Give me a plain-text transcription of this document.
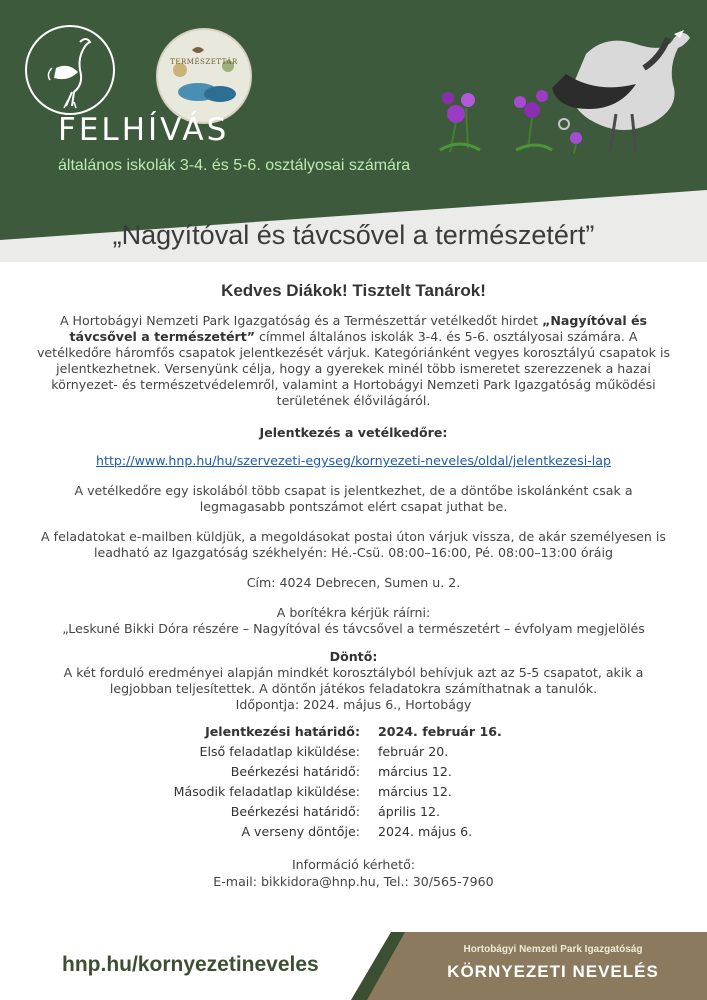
TERMÉSZETTÁR
FELHÍVÁS
általános iskolák 3-4. és 5-6. osztályosai számára
„Nagyítóval és távcsővel a természetért”
Kedves Diákok! Tisztelt Tanárok!
A Hortobágyi Nemzeti Park Igazgatóság és a Természettár vetélkedőt hirdet „Nagyítóval és távcsővel a természetért” címmel általános iskolák 3-4. és 5-6. osztályosai számára. A vetélkedőre háromfős csapatok jelentkezését várjuk. Kategóriánként vegyes korosztályú csapatok is jelentkezhetnek. Versenyünk célja, hogy a gyerekek minél több ismeretet szerezzenek a hazai környezet- és természetvédelemről, valamint a Hortobágyi Nemzeti Park Igazgatóság működési területének élővilágáról.
Jelentkezés a vetélkedőre:
http://www.hnp.hu/hu/szervezeti-egyseg/kornyezeti-neveles/oldal/jelentkezesi-lap
A vetélkedőre egy iskolából több csapat is jelentkezhet, de a döntőbe iskolánként csak a legmagasabb pontszámot elért csapat juthat be.
A feladatokat e-mailben küldjük, a megoldásokat postai úton várjuk vissza, de akár személyesen is leadható az Igazgatóság székhelyén: Hé.-Csü. 08:00–16:00, Pé. 08:00–13:00 óráig
Cím: 4024 Debrecen, Sumen u. 2.
A borítékra kérjük ráírni:
„Leskuné Bikki Dóra részére – Nagyítóval és távcsővel a természetért – évfolyam megjelölés
Döntő:
A két forduló eredményei alapján mindkét korosztályból behívjuk azt az 5-5 csapatot, akik a legjobban teljesítettek. A döntőn játékos feladatokra számíthatnak a tanulók.
Időpontja: 2024. május 6., Hortobágy
Jelentkezési határidő: 2024. február 16.
Első feladatlap kiküldése: február 20.
Beérkezési határidő: március 12.
Második feladatlap kiküldése: március 12.
Beérkezési határidő: április 12.
A verseny döntője: 2024. május 6.
Információ kérhető:
E-mail: bikkidora@hnp.hu, Tel.: 30/565-7960
hnp.hu/kornyezetineveles
Hortobágyi Nemzeti Park Igazgatóság
KÖRNYEZETI NEVELÉS
